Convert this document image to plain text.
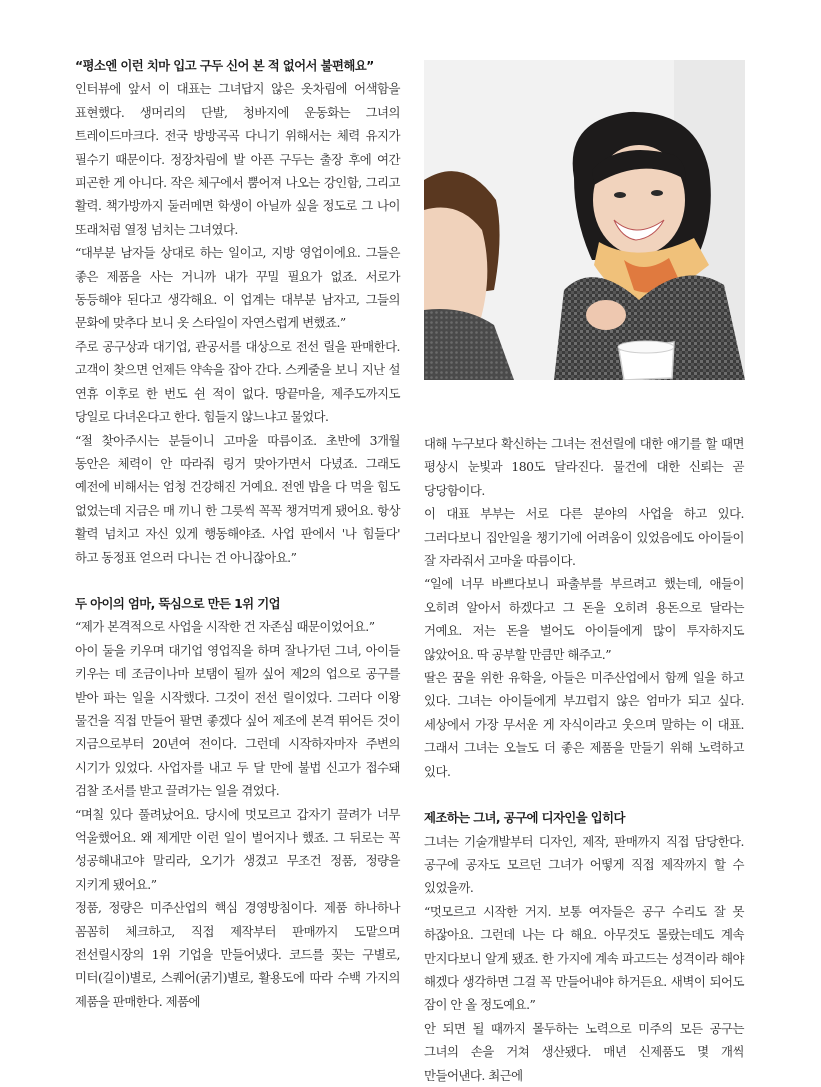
“평소엔 이런 치마 입고 구두 신어 본 적 없어서 불편해요”

인터뷰에 앞서 이 대표는 그녀답지 않은 옷차림에 어색함을 표현했다. 생머리의 단발, 청바지에 운동화는 그녀의 트레이드마크다. 전국 방방곡곡 다니기 위해서는 체력 유지가 필수기 때문이다. 정장차림에 발 아픈 구두는 출장 후에 여간 피곤한 게 아니다. 작은 체구에서 뿜어져 나오는 강인함, 그리고 활력. 책가방까지 둘러메면 학생이 아닐까 싶을 정도로 그 나이 또래처럼 열정 넘치는 그녀였다.

“대부분 남자들 상대로 하는 일이고, 지방 영업이에요. 그들은 좋은 제품을 사는 거니까 내가 꾸밀 필요가 없죠. 서로가 동등해야 된다고 생각해요. 이 업계는 대부분 남자고, 그들의 문화에 맞추다 보니 옷 스타일이 자연스럽게 변했죠.”

주로 공구상과 대기업, 관공서를 대상으로 전선 릴을 판매한다. 고객이 찾으면 언제든 약속을 잡아 간다. 스케줄을 보니 지난 설 연휴 이후로 한 번도 쉰 적이 없다. 땅끝마을, 제주도까지도 당일로 다녀온다고 한다. 힘들지 않느냐고 물었다.

“절 찾아주시는 분들이니 고마울 따름이죠. 초반에 3개월 동안은 체력이 안 따라줘 링거 맞아가면서 다녔죠. 그래도 예전에 비해서는 엄청 건강해진 거예요. 전엔 밥을 다 먹을 힘도 없었는데 지금은 매 끼니 한 그릇씩 꼭꼭 챙겨먹게 됐어요. 항상 활력 넘치고 자신 있게 행동해야죠. 사업 판에서 '나 힘들다' 하고 동정표 얻으러 다니는 건 아니잖아요.”

두 아이의 엄마, 뚝심으로 만든 1위 기업

“제가 본격적으로 사업을 시작한 건 자존심 때문이었어요.”

아이 둘을 키우며 대기업 영업직을 하며 잘나가던 그녀, 아이들 키우는 데 조금이나마 보탬이 될까 싶어 제2의 업으로 공구를 받아 파는 일을 시작했다. 그것이 전선 릴이었다. 그러다 이왕 물건을 직접 만들어 팔면 좋겠다 싶어 제조에 본격 뛰어든 것이 지금으로부터 20년여 전이다. 그런데 시작하자마자 주변의 시기가 있었다. 사업자를 내고 두 달 만에 불법 신고가 접수돼 검찰 조서를 받고 끌려가는 일을 겪었다.

“며칠 있다 풀려났어요. 당시에 멋모르고 갑자기 끌려가 너무 억울했어요. 왜 제게만 이런 일이 벌어지나 했죠. 그 뒤로는 꼭 성공해내고야 말리라, 오기가 생겼고 무조건 정품, 정량을 지키게 됐어요.”

정품, 정량은 미주산업의 핵심 경영방침이다. 제품 하나하나 꼼꼼히 체크하고, 직접 제작부터 판매까지 도맡으며 전선릴시장의 1위 기업을 만들어냈다. 코드를 꽂는 구별로, 미터(길이)별로, 스퀘어(굵기)별로, 활용도에 따라 수백 가지의 제품을 판매한다. 제품에

대해 누구보다 확신하는 그녀는 전선릴에 대한 얘기를 할 때면 평상시 눈빛과 180도 달라진다. 물건에 대한 신뢰는 곧 당당함이다.

이 대표 부부는 서로 다른 분야의 사업을 하고 있다. 그러다보니 집안일을 챙기기에 어려움이 있었음에도 아이들이 잘 자라줘서 고마울 따름이다.

“일에 너무 바쁘다보니 파출부를 부르려고 했는데, 애들이 오히려 알아서 하겠다고 그 돈을 오히려 용돈으로 달라는 거예요. 저는 돈을 벌어도 아이들에게 많이 투자하지도 않았어요. 딱 공부할 만큼만 해주고.”

딸은 꿈을 위한 유학을, 아들은 미주산업에서 함께 일을 하고 있다. 그녀는 아이들에게 부끄럽지 않은 엄마가 되고 싶다. 세상에서 가장 무서운 게 자식이라고 웃으며 말하는 이 대표. 그래서 그녀는 오늘도 더 좋은 제품을 만들기 위해 노력하고 있다.

제조하는 그녀, 공구에 디자인을 입히다

그녀는 기술개발부터 디자인, 제작, 판매까지 직접 담당한다. 공구에 공자도 모르던 그녀가 어떻게 직접 제작까지 할 수 있었을까.

“멋모르고 시작한 거지. 보통 여자들은 공구 수리도 잘 못 하잖아요. 그런데 나는 다 해요. 아무것도 몰랐는데도 계속 만지다보니 알게 됐죠. 한 가지에 계속 파고드는 성격이라 해야 해겠다 생각하면 그걸 꼭 만들어내야 하거든요. 새벽이 되어도 잠이 안 올 정도예요.”

안 되면 될 때까지 몰두하는 노력으로 미주의 모든 공구는 그녀의 손을 거쳐 생산됐다. 매년 신제품도 몇 개씩 만들어낸다. 최근에
